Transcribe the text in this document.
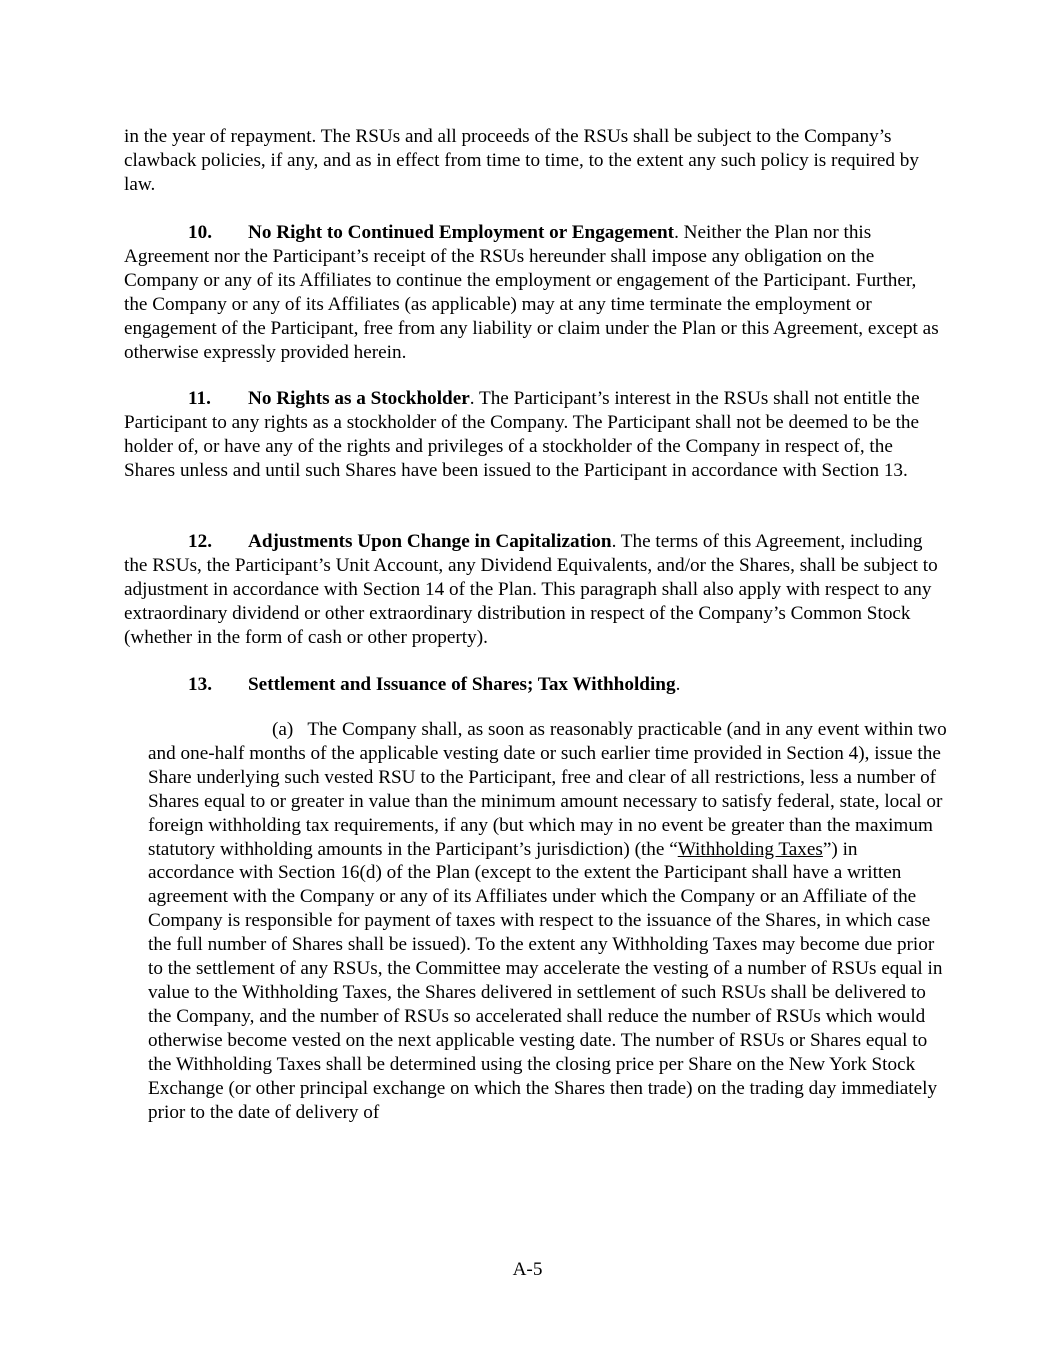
in the year of repayment. The RSUs and all proceeds of the RSUs shall be subject to the Company’s clawback policies, if any, and as in effect from time to time, to the extent any such policy is required by law.

10. No Right to Continued Employment or Engagement. Neither the Plan nor this Agreement nor the Participant’s receipt of the RSUs hereunder shall impose any obligation on the Company or any of its Affiliates to continue the employment or engagement of the Participant. Further, the Company or any of its Affiliates (as applicable) may at any time terminate the employment or engagement of the Participant, free from any liability or claim under the Plan or this Agreement, except as otherwise expressly provided herein.

11. No Rights as a Stockholder. The Participant’s interest in the RSUs shall not entitle the Participant to any rights as a stockholder of the Company. The Participant shall not be deemed to be the holder of, or have any of the rights and privileges of a stockholder of the Company in respect of, the Shares unless and until such Shares have been issued to the Participant in accordance with Section 13.

12. Adjustments Upon Change in Capitalization. The terms of this Agreement, including the RSUs, the Participant’s Unit Account, any Dividend Equivalents, and/or the Shares, shall be subject to adjustment in accordance with Section 14 of the Plan. This paragraph shall also apply with respect to any extraordinary dividend or other extraordinary distribution in respect of the Company’s Common Stock (whether in the form of cash or other property).

13. Settlement and Issuance of Shares; Tax Withholding.

(a) The Company shall, as soon as reasonably practicable (and in any event within two and one-half months of the applicable vesting date or such earlier time provided in Section 4), issue the Share underlying such vested RSU to the Participant, free and clear of all restrictions, less a number of Shares equal to or greater in value than the minimum amount necessary to satisfy federal, state, local or foreign withholding tax requirements, if any (but which may in no event be greater than the maximum statutory withholding amounts in the Participant’s jurisdiction) (the “Withholding Taxes”) in accordance with Section 16(d) of the Plan (except to the extent the Participant shall have a written agreement with the Company or any of its Affiliates under which the Company or an Affiliate of the Company is responsible for payment of taxes with respect to the issuance of the Shares, in which case the full number of Shares shall be issued). To the extent any Withholding Taxes may become due prior to the settlement of any RSUs, the Committee may accelerate the vesting of a number of RSUs equal in value to the Withholding Taxes, the Shares delivered in settlement of such RSUs shall be delivered to the Company, and the number of RSUs so accelerated shall reduce the number of RSUs which would otherwise become vested on the next applicable vesting date. The number of RSUs or Shares equal to the Withholding Taxes shall be determined using the closing price per Share on the New York Stock Exchange (or other principal exchange on which the Shares then trade) on the trading day immediately prior to the date of delivery of

A-5
